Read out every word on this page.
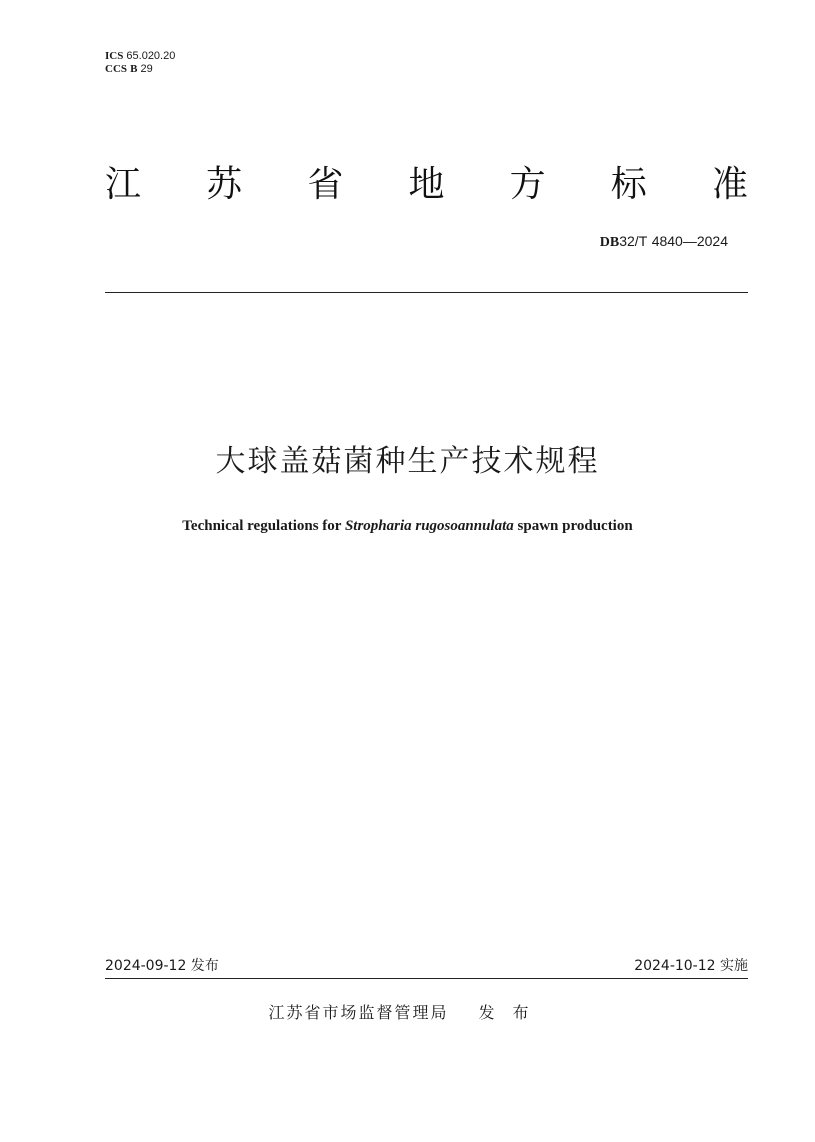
ICS 65.020.20
CCS B 29
江 苏 省 地 方 标 准
DB32/T 4840—2024
大球盖菇菌种生产技术规程
Technical regulations for Stropharia rugosoannulata spawn production
2024-09-12 发布	2024-10-12 实施
江苏省市场监督管理局 发布
